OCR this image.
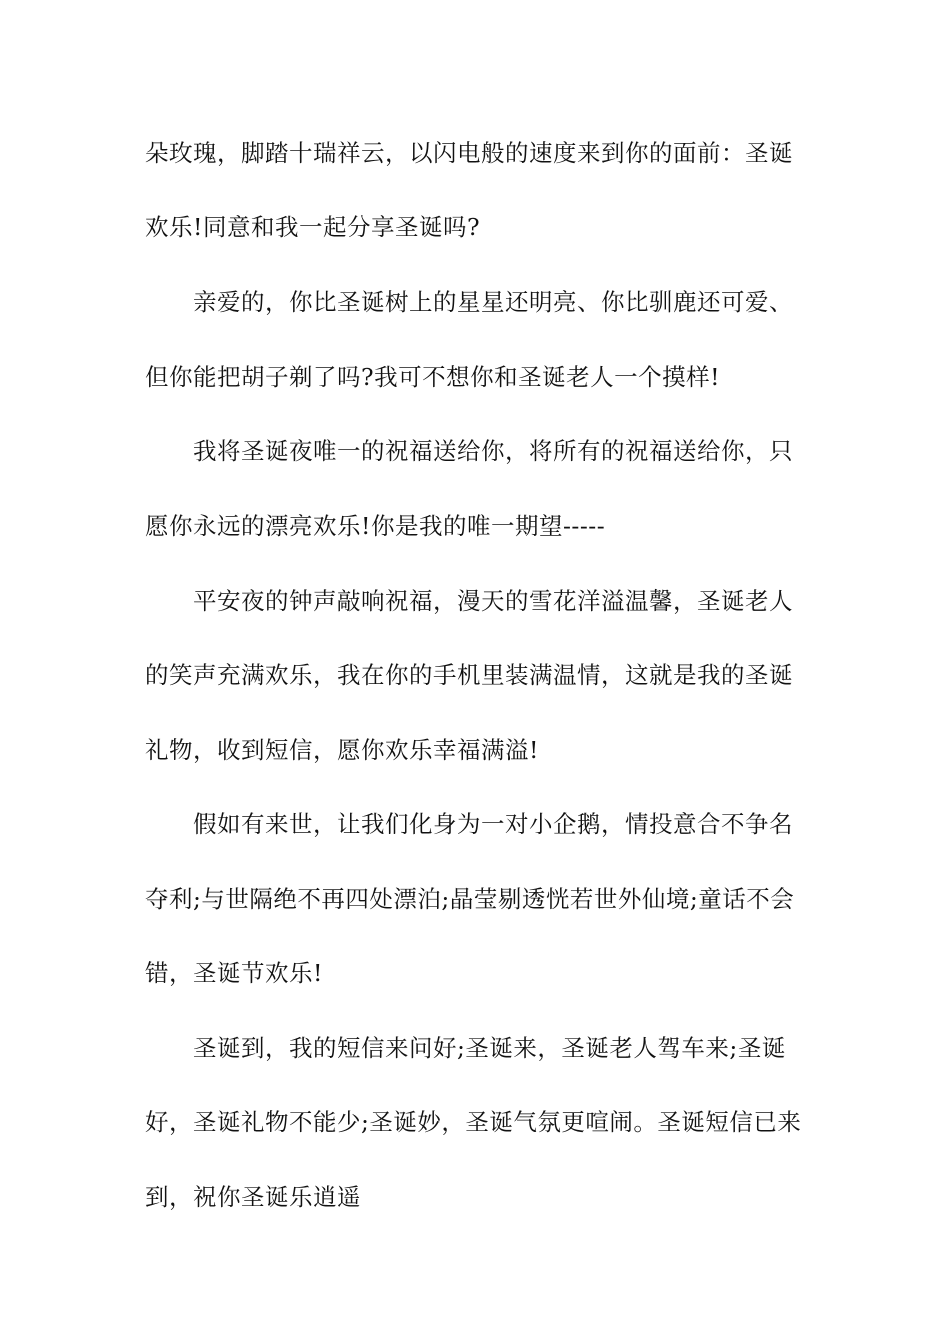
朵玫瑰，脚踏十瑞祥云，以闪电般的速度来到你的面前：圣诞
欢乐!同意和我一起分享圣诞吗?
亲爱的，你比圣诞树上的星星还明亮、你比驯鹿还可爱、
但你能把胡子剃了吗?我可不想你和圣诞老人一个摸样!
我将圣诞夜唯一的祝福送给你，将所有的祝福送给你，只
愿你永远的漂亮欢乐!你是我的唯一期望-----
平安夜的钟声敲响祝福，漫天的雪花洋溢温馨，圣诞老人
的笑声充满欢乐，我在你的手机里装满温情，这就是我的圣诞
礼物，收到短信，愿你欢乐幸福满溢!
假如有来世，让我们化身为一对小企鹅，情投意合不争名
夺利;与世隔绝不再四处漂泊;晶莹剔透恍若世外仙境;童话不会
错，圣诞节欢乐!
圣诞到，我的短信来问好;圣诞来，圣诞老人驾车来;圣诞
好，圣诞礼物不能少;圣诞妙，圣诞气氛更喧闹。圣诞短信已来
到，祝你圣诞乐逍遥
